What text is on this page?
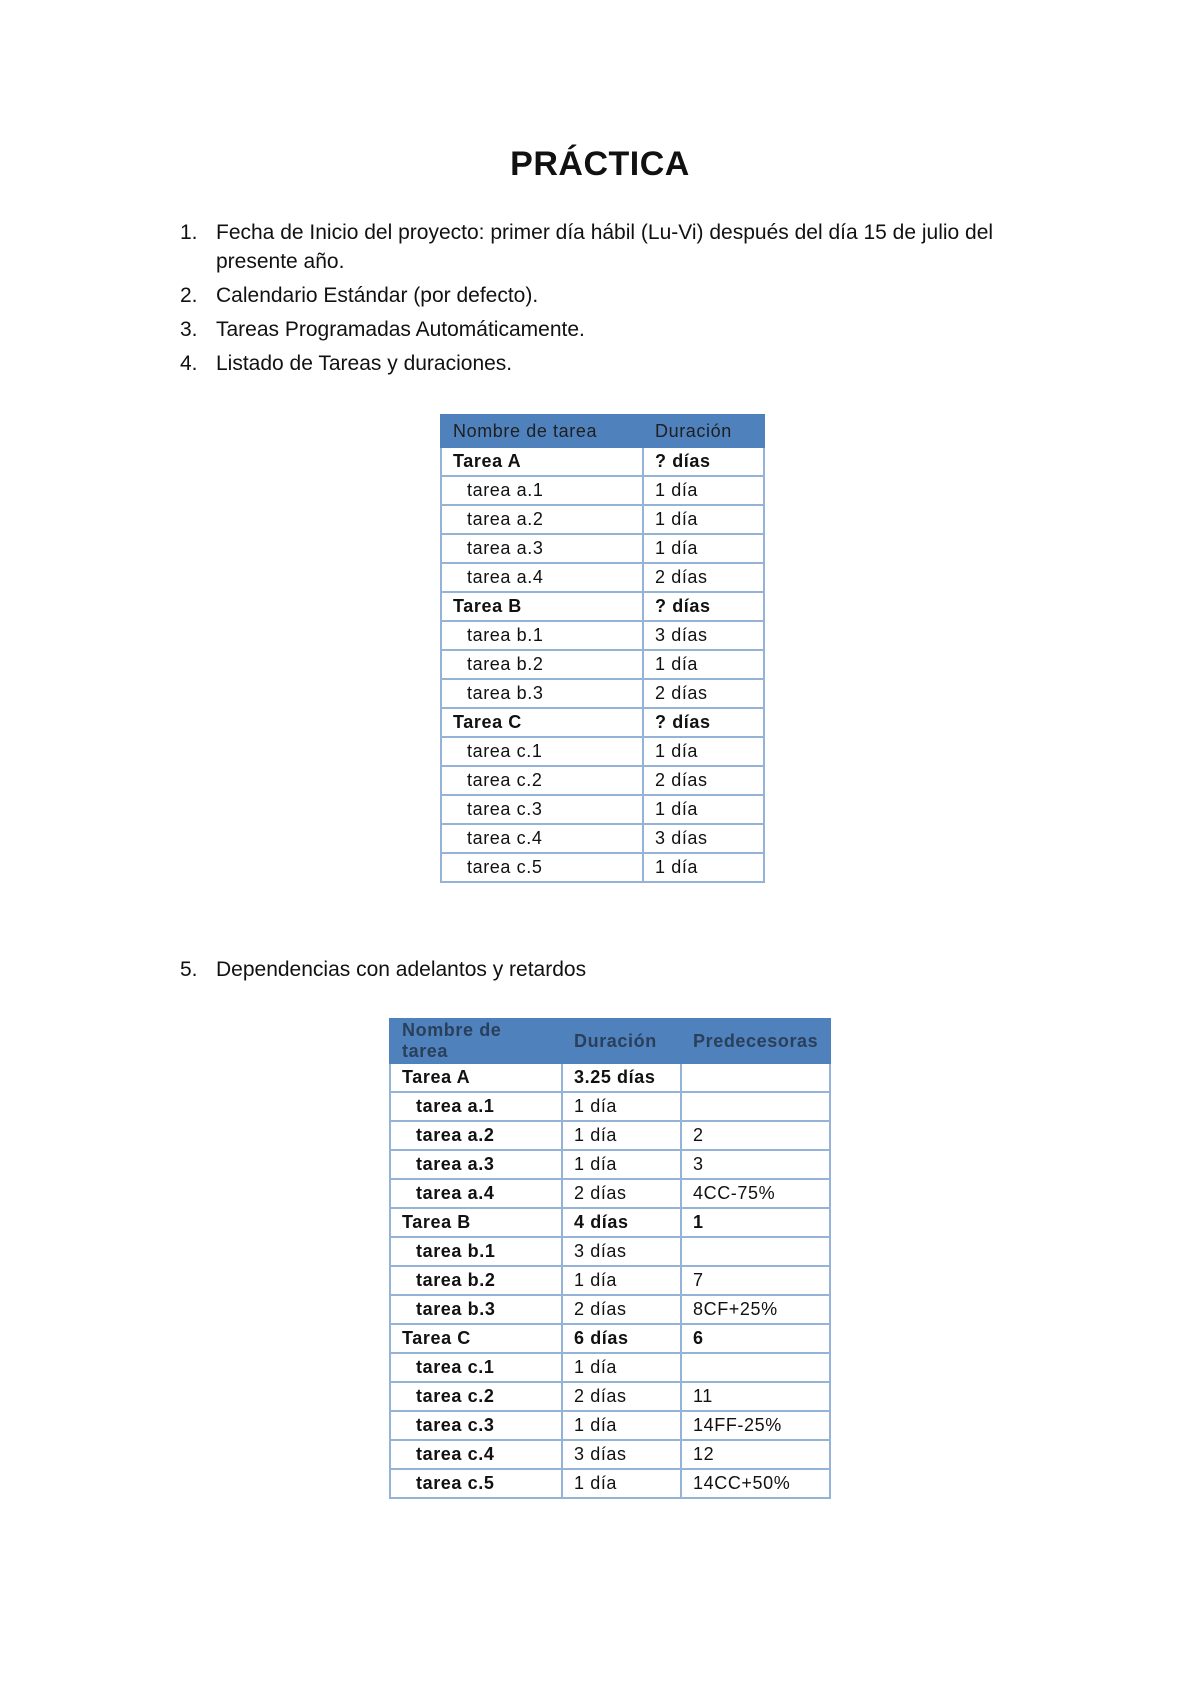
PRÁCTICA
1. Fecha de Inicio del proyecto: primer día hábil (Lu-Vi) después del día 15 de julio del presente año.
2. Calendario Estándar (por defecto).
3. Tareas Programadas Automáticamente.
4. Listado de Tareas y duraciones.
Nombre de tarea	Duración
Tarea A	? días
tarea a.1	1 día
tarea a.2	1 día
tarea a.3	1 día
tarea a.4	2 días
Tarea B	? días
tarea b.1	3 días
tarea b.2	1 día
tarea b.3	2 días
Tarea C	? días
tarea c.1	1 día
tarea c.2	2 días
tarea c.3	1 día
tarea c.4	3 días
tarea c.5	1 día
5. Dependencias con adelantos y retardos
Nombre de tarea	Duración	Predecesoras
Tarea A	3.25 días	
tarea a.1	1 día	
tarea a.2	1 día	2
tarea a.3	1 día	3
tarea a.4	2 días	4CC-75%
Tarea B	4 días	1
tarea b.1	3 días	
tarea b.2	1 día	7
tarea b.3	2 días	8CF+25%
Tarea C	6 días	6
tarea c.1	1 día	
tarea c.2	2 días	11
tarea c.3	1 día	14FF-25%
tarea c.4	3 días	12
tarea c.5	1 día	14CC+50%
